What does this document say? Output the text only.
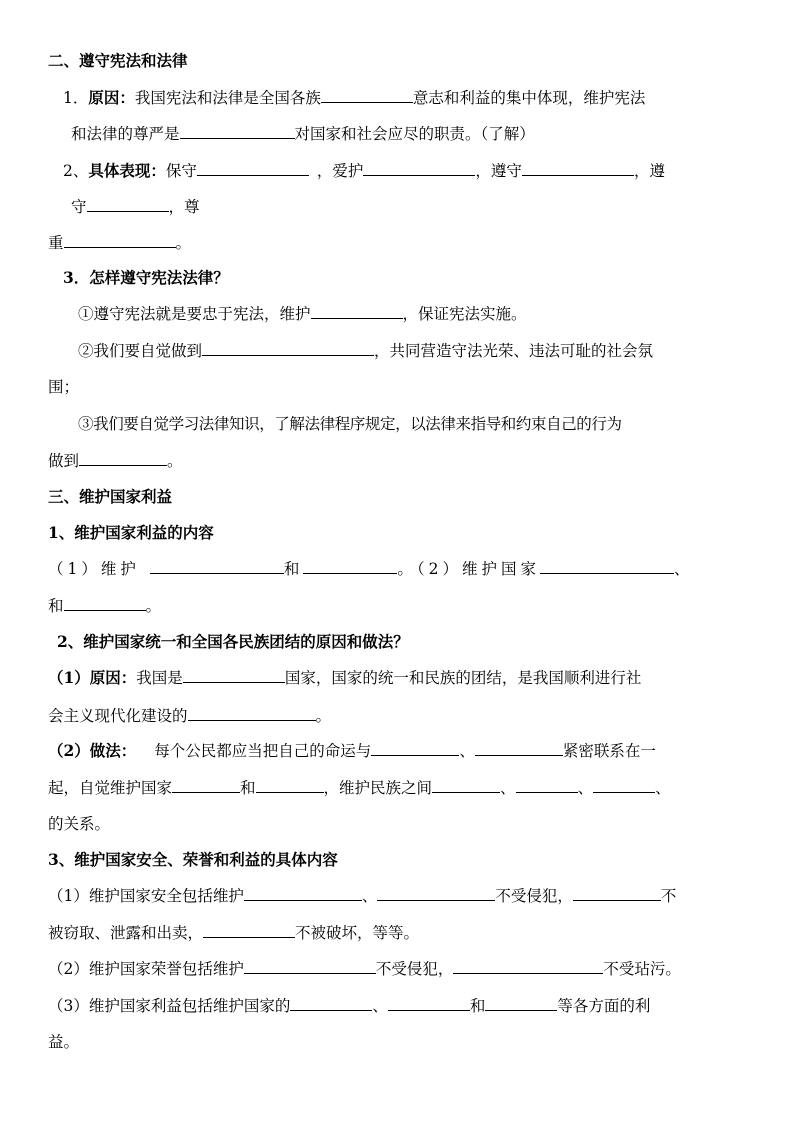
二、遵守宪法和法律
1．原因：我国宪法和法律是全国各族	意志和利益的集中体现，维护宪法
和法律的尊严是	对国家和社会应尽的职责。（了解）
2、具体表现：保守	，爱护	，遵守	，遵
守	，尊
重	。
3．怎样遵守宪法法律？
①遵守宪法就是要忠于宪法，维护	，保证宪法实施。
②我们要自觉做到	，共同营造守法光荣、违法可耻的社会氛
围；
③我们要自觉学习法律知识，了解法律程序规定，以法律来指导和约束自己的行为
做到	。
三、维护国家利益
1、维护国家利益的内容
（1）维护	和	。（2）维护国家	、
和	。
2、维护国家统一和全国各民族团结的原因和做法？
（1）原因：我国是	国家，国家的统一和民族的团结，是我国顺利进行社
会主义现代化建设的	。
（2）做法： 每个公民都应当把自己的命运与	、	紧密联系在一
起，自觉维护国家	和	，维护民族之间	、	、	、
的关系。
3、维护国家安全、荣誉和利益的具体内容
（1）维护国家安全包括维护	、	不受侵犯，	不
被窃取、泄露和出卖，	不被破坏，等等。
（2）维护国家荣誉包括维护	不受侵犯，	不受玷污。
（3）维护国家利益包括维护国家的	、	和	等各方面的利
益。
